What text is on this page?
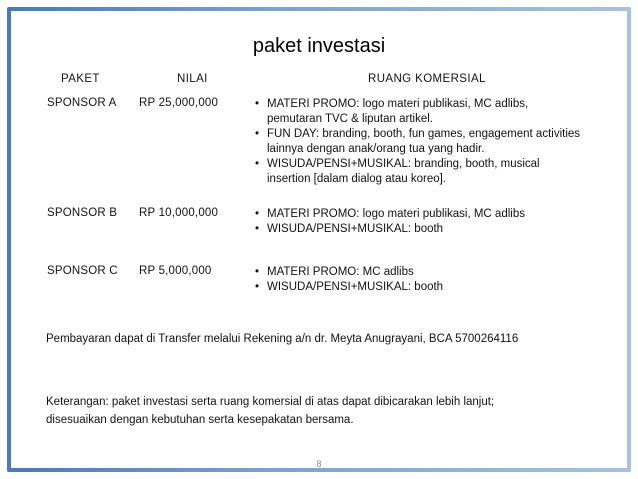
paket investasi
PAKET	NILAI	RUANG KOMERSIAL
SPONSOR A RP 25,000,000	• MATERI PROMO: logo materi publikasi, MC adlibs, pemutaran TVC & liputan artikel.
• FUN DAY: branding, booth, fun games, engagement activities lainnya dengan anak/orang tua yang hadir.
• WISUDA/PENSI+MUSIKAL: branding, booth, musical insertion [dalam dialog atau koreo].
SPONSOR B RP 10,000,000	• MATERI PROMO: logo materi publikasi, MC adlibs
• WISUDA/PENSI+MUSIKAL: booth
SPONSOR C RP 5,000,000	• MATERI PROMO: MC adlibs
• WISUDA/PENSI+MUSIKAL: booth
Pembayaran dapat di Transfer melalui Rekening a/n dr. Meyta Anugrayani, BCA 5700264116
Keterangan: paket investasi serta ruang komersial di atas dapat dibicarakan lebih lanjut;
disesuaikan dengan kebutuhan serta kesepakatan bersama.
8
